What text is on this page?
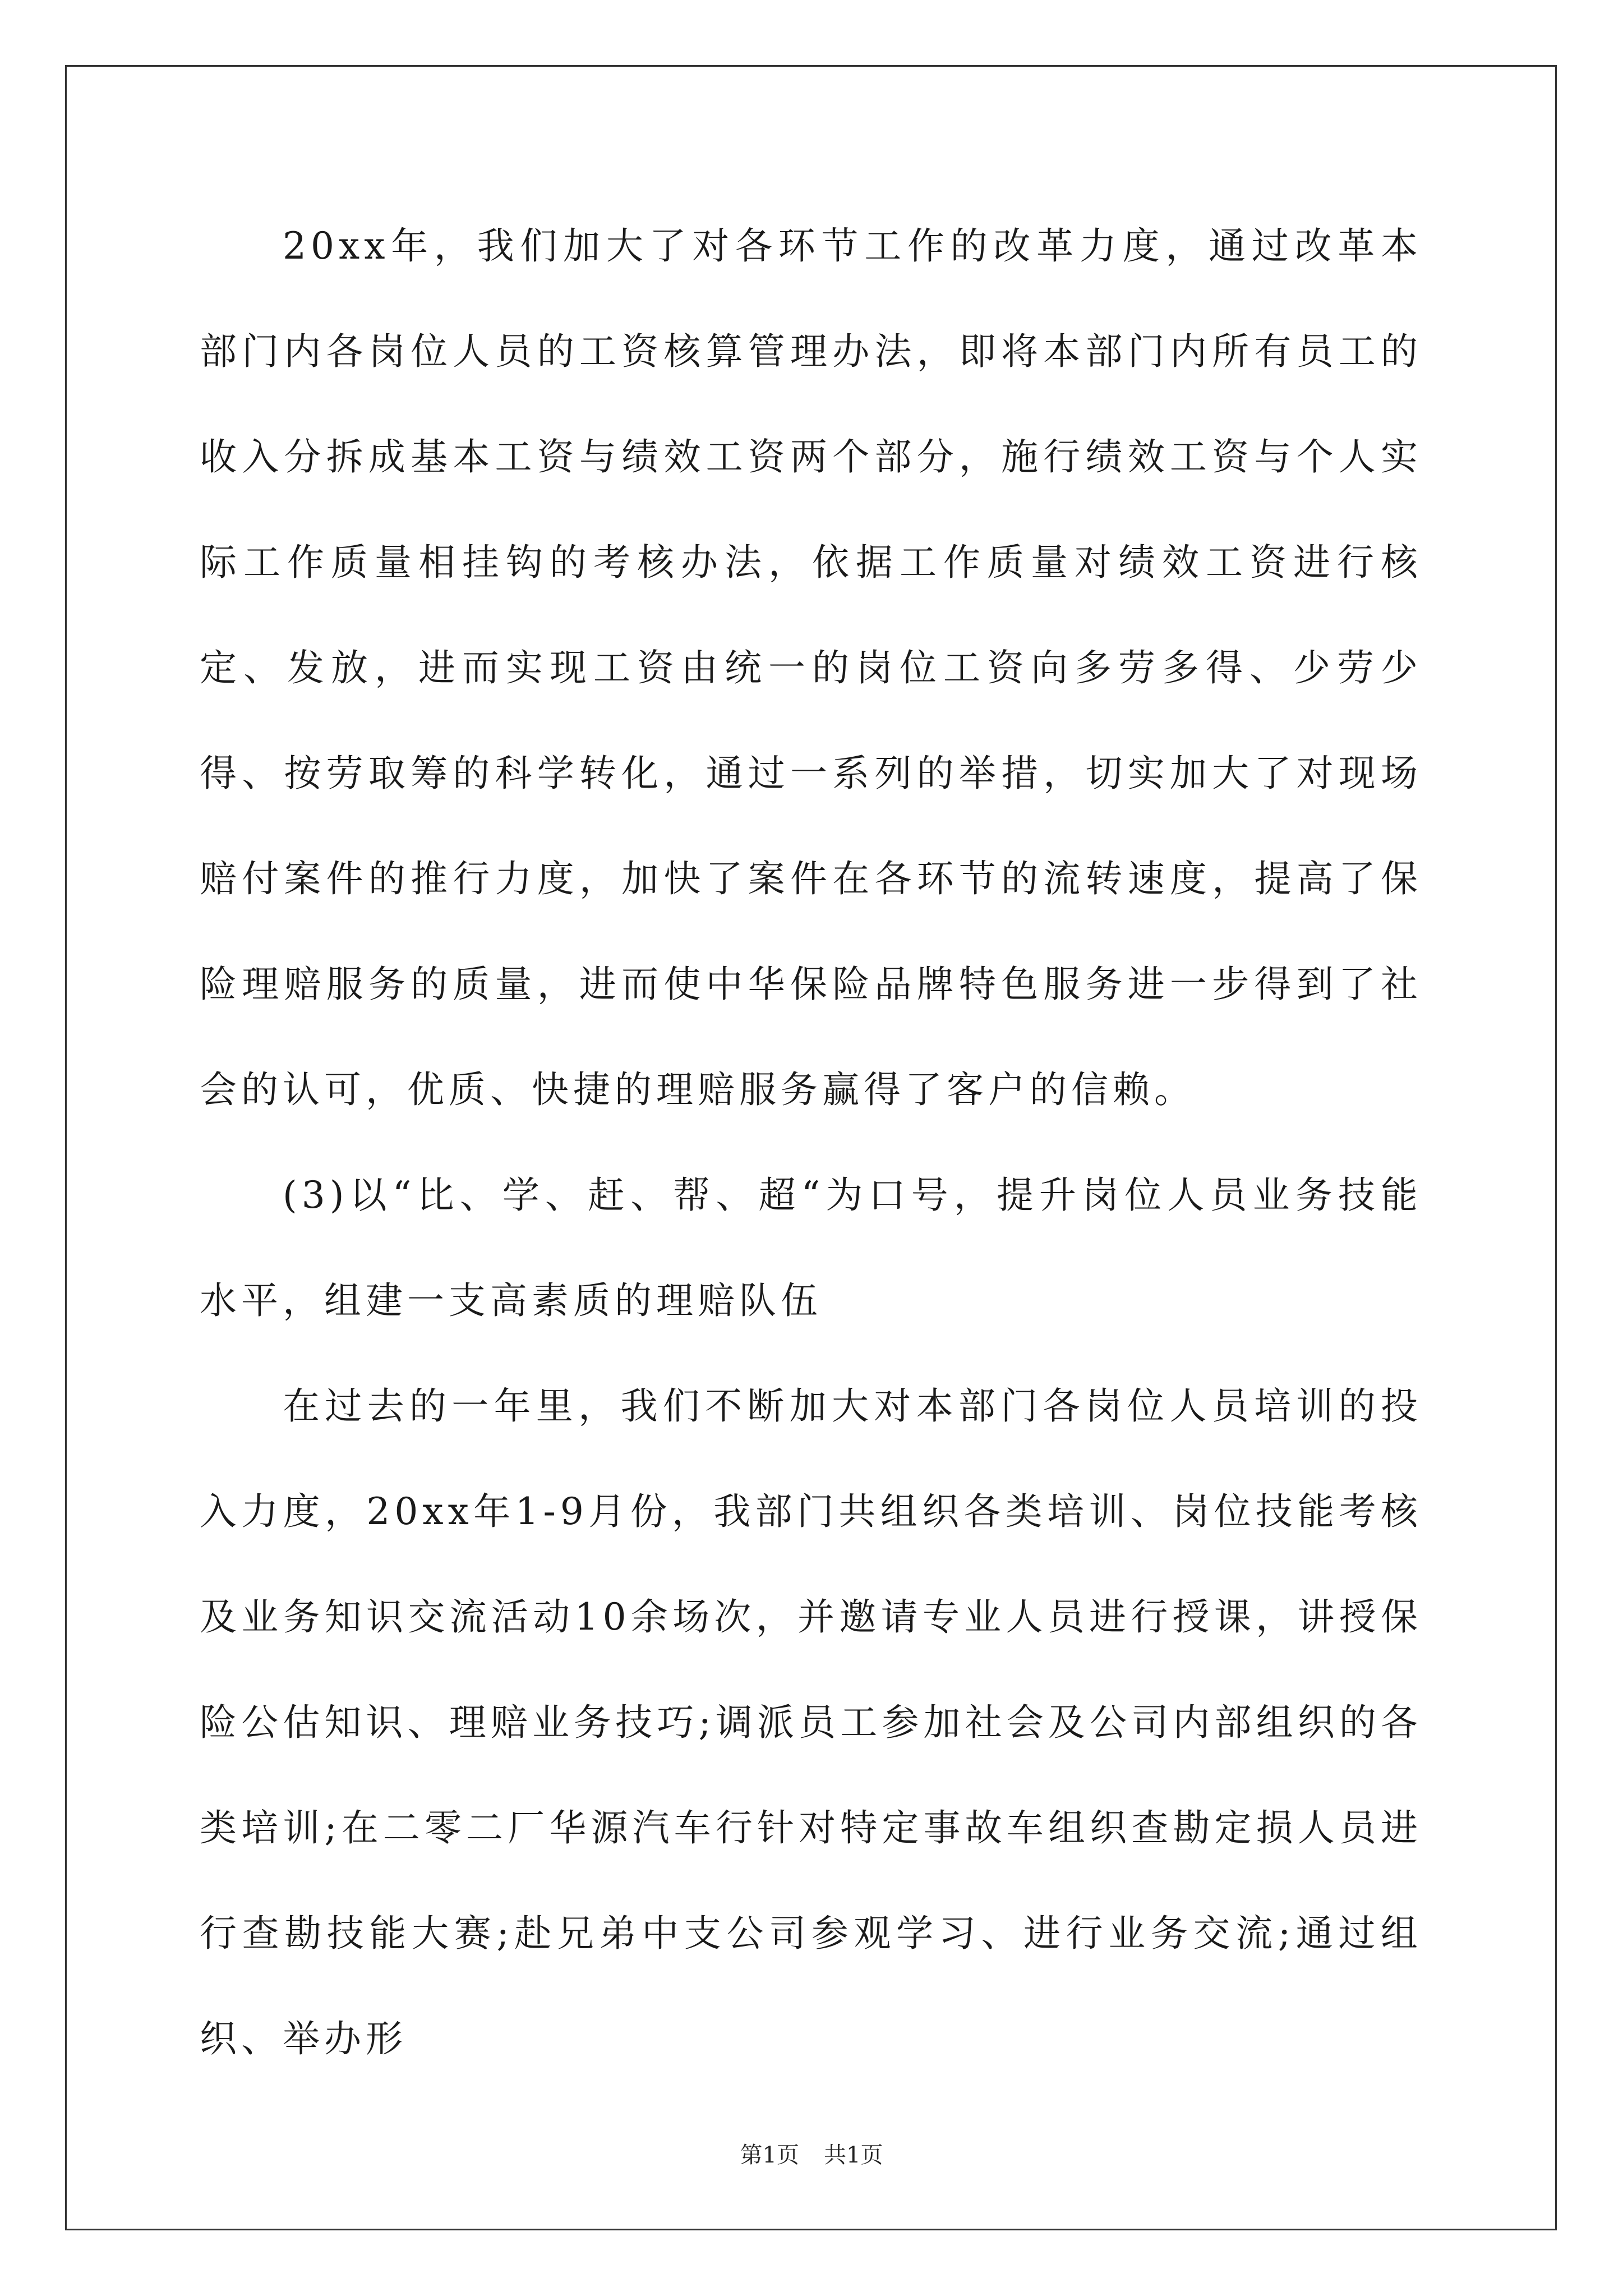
20xx年，我们加大了对各环节工作的改革力度，通过改革本部门内各岗位人员的工资核算管理办法，即将本部门内所有员工的收入分拆成基本工资与绩效工资两个部分，施行绩效工资与个人实际工作质量相挂钩的考核办法，依据工作质量对绩效工资进行核定、发放，进而实现工资由统一的岗位工资向多劳多得、少劳少得、按劳取筹的科学转化，通过一系列的举措，切实加大了对现场赔付案件的推行力度，加快了案件在各环节的流转速度，提高了保险理赔服务的质量，进而使中华保险品牌特色服务进一步得到了社会的认可，优质、快捷的理赔服务赢得了客户的信赖。

(3)以“比、学、赶、帮、超“为口号，提升岗位人员业务技能水平，组建一支高素质的理赔队伍

在过去的一年里，我们不断加大对本部门各岗位人员培训的投入力度，20xx年1-9月份，我部门共组织各类培训、岗位技能考核及业务知识交流活动10余场次，并邀请专业人员进行授课，讲授保险公估知识、理赔业务技巧;调派员工参加社会及公司内部组织的各类培训;在二零二厂华源汽车行针对特定事故车组织查勘定损人员进行查勘技能大赛;赴兄弟中支公司参观学习、进行业务交流;通过组织、举办形

第1页 共1页
